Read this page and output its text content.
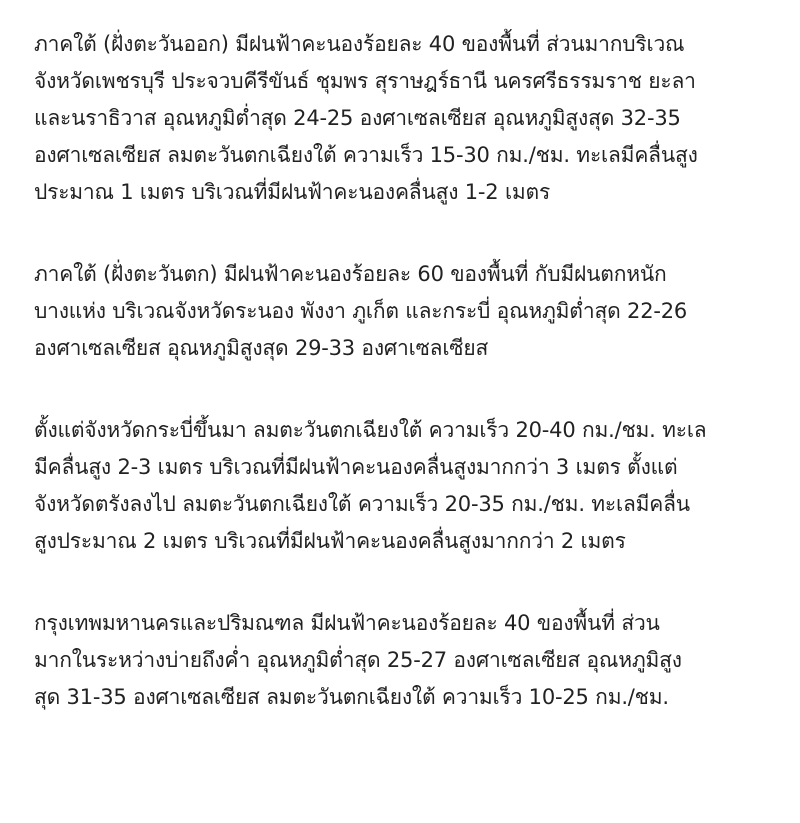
ภาคใต้ (ฝั่งตะวันออก) มีฝนฟ้าคะนองร้อยละ 40 ของพื้นที่ ส่วนมากบริเวณ
จังหวัดเพชรบุรี ประจวบคีรีขันธ์ ชุมพร สุราษฎร์ธานี นครศรีธรรมราช ยะลา
และนราธิวาส อุณหภูมิต่ำสุด 24-25 องศาเซลเซียส อุณหภูมิสูงสุด 32-35
องศาเซลเซียส ลมตะวันตกเฉียงใต้ ความเร็ว 15-30 กม./ชม. ทะเลมีคลื่นสูง
ประมาณ 1 เมตร บริเวณที่มีฝนฟ้าคะนองคลื่นสูง 1-2 เมตร

ภาคใต้ (ฝั่งตะวันตก) มีฝนฟ้าคะนองร้อยละ 60 ของพื้นที่ กับมีฝนตกหนัก
บางแห่ง บริเวณจังหวัดระนอง พังงา ภูเก็ต และกระบี่ อุณหภูมิต่ำสุด 22-26
องศาเซลเซียส อุณหภูมิสูงสุด 29-33 องศาเซลเซียส

ตั้งแต่จังหวัดกระบี่ขึ้นมา ลมตะวันตกเฉียงใต้ ความเร็ว 20-40 กม./ชม. ทะเล
มีคลื่นสูง 2-3 เมตร บริเวณที่มีฝนฟ้าคะนองคลื่นสูงมากกว่า 3 เมตร ตั้งแต่
จังหวัดตรังลงไป ลมตะวันตกเฉียงใต้ ความเร็ว 20-35 กม./ชม. ทะเลมีคลื่น
สูงประมาณ 2 เมตร บริเวณที่มีฝนฟ้าคะนองคลื่นสูงมากกว่า 2 เมตร

กรุงเทพมหานครและปริมณฑล มีฝนฟ้าคะนองร้อยละ 40 ของพื้นที่ ส่วน
มากในระหว่างบ่ายถึงค่ำ อุณหภูมิต่ำสุด 25-27 องศาเซลเซียส อุณหภูมิสูง
สุด 31-35 องศาเซลเซียส ลมตะวันตกเฉียงใต้ ความเร็ว 10-25 กม./ชม.
